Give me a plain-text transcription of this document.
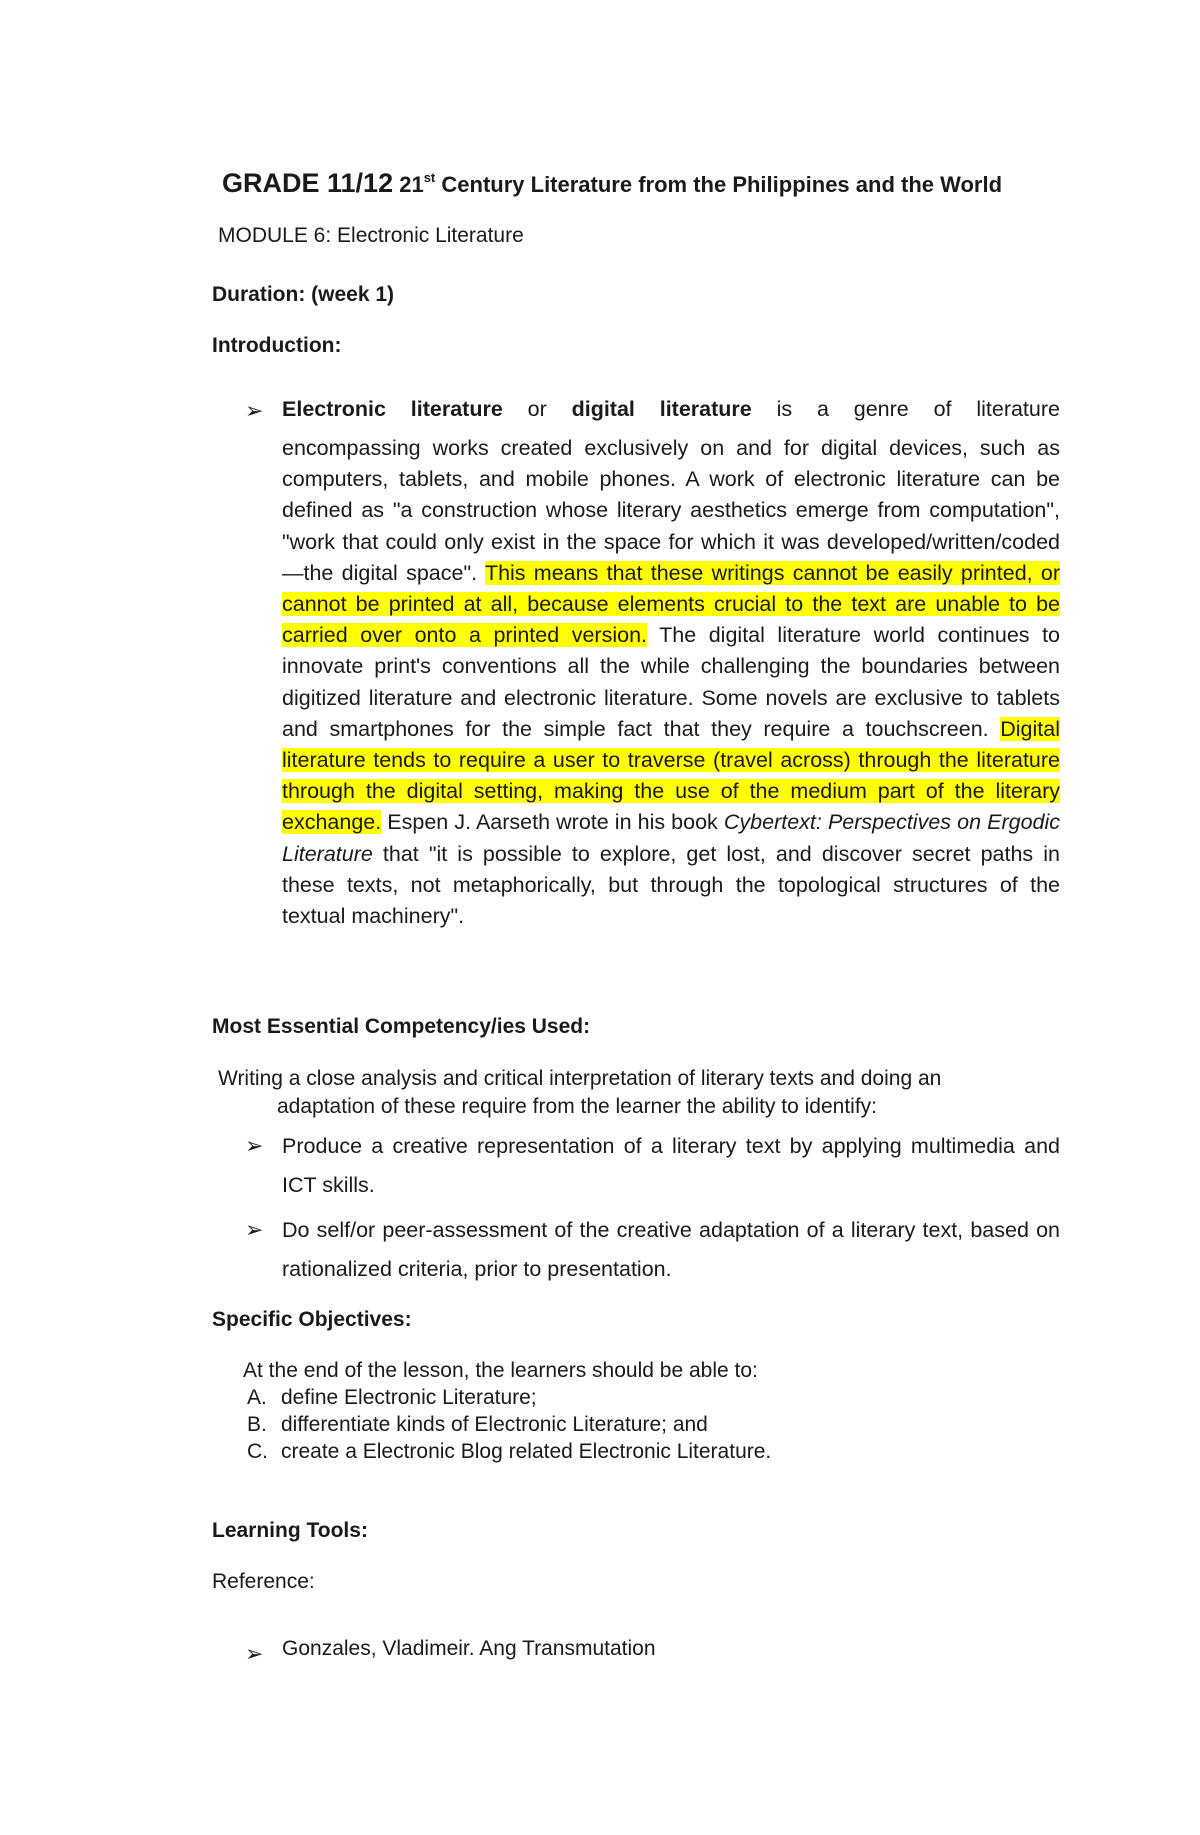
GRADE 11/12 21st Century Literature from the Philippines and the World

MODULE 6: Electronic Literature

Duration: (week 1)

Introduction:

➢ Electronic literature or digital literature is a genre of literature
encompassing works created exclusively on and for digital devices, such as computers, tablets, and mobile phones. A work of electronic literature can be defined as "a construction whose literary aesthetics emerge from computation", "work that could only exist in the space for which it was developed/written/coded—the digital space". This means that these writings cannot be easily printed, or cannot be printed at all, because elements crucial to the text are unable to be carried over onto a printed version. The digital literature world continues to innovate print's conventions all the while challenging the boundaries between digitized literature and electronic literature. Some novels are exclusive to tablets and smartphones for the simple fact that they require a touchscreen. Digital literature tends to require a user to traverse (travel across) through the literature through the digital setting, making the use of the medium part of the literary exchange. Espen J. Aarseth wrote in his book Cybertext: Perspectives on Ergodic Literature that "it is possible to explore, get lost, and discover secret paths in these texts, not metaphorically, but through the topological structures of the textual machinery".

Most Essential Competency/ies Used:

Writing a close analysis and critical interpretation of literary texts and doing an

adaptation of these require from the learner the ability to identify:

➢ Produce a creative representation of a literary text by applying multimedia and ICT skills.

➢ Do self/or peer-assessment of the creative adaptation of a literary text, based on rationalized criteria, prior to presentation.

Specific Objectives:

At the end of the lesson, the learners should be able to:

A. define Electronic Literature;

B. differentiate kinds of Electronic Literature; and

C. create a Electronic Blog related Electronic Literature.

Learning Tools:

Reference:

➢ Gonzales, Vladimeir. Ang Transmutation
